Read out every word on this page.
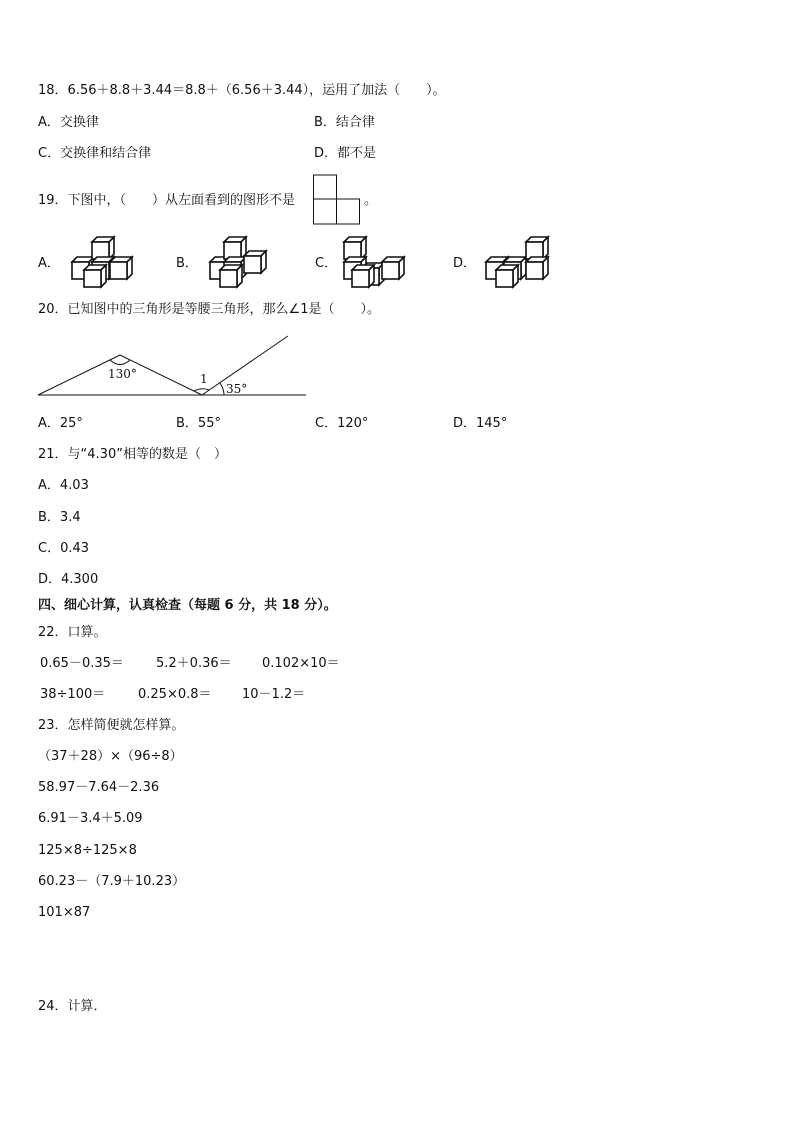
18．6.56＋8.8＋3.44＝8.8＋（6.56＋3.44），运用了加法（　　）。
A．交换律	B．结合律
C．交换律和结合律	D．都不是
19．下图中，（　　）从左面看到的图形不是	。
A．	B．	C．	D．
20．已知图中的三角形是等腰三角形，那么∠1是（　　）。
130°	1
35°
A．25°	B．55°	C．120°	D．145°
21．与“4.30”相等的数是（　）
A．4.03
B．3.4
C．0.43
D．4.300
四、细心计算，认真检查（每题 6 分，共 18 分）。
22．口算。
0.65－0.35＝ 5.2＋0.36＝ 0.102×10＝
38÷100＝	0.25×0.8＝ 10－1.2＝
23．怎样简便就怎样算。
（37＋28）×（96÷8）
58.97－7.64－2.36
6.91－3.4＋5.09
125×8÷125×8
60.23－（7.9＋10.23）
101×87
24．计算．
